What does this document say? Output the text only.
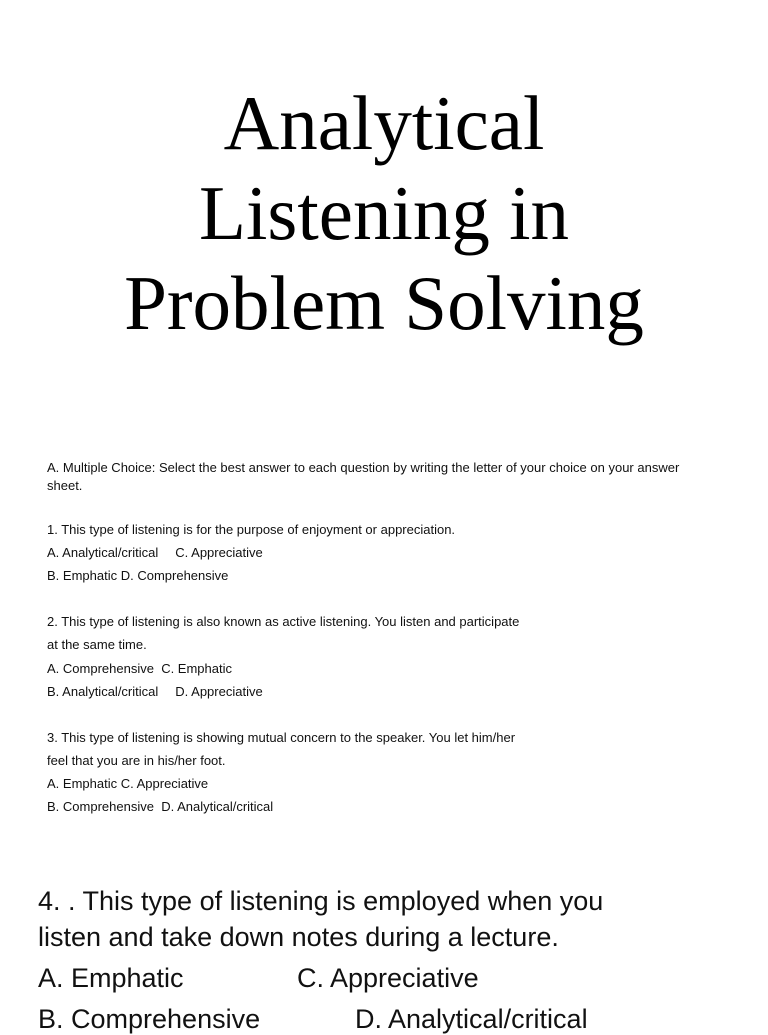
Analytical
Listening in
Problem Solving
A. Multiple Choice: Select the best answer to each question by writing the letter of your choice on your answer sheet.
1. This type of listening is for the purpose of enjoyment or appreciation.
A. Analytical/critical C. Appreciative
B. Emphatic D. Comprehensive
2. This type of listening is also known as active listening. You listen and participate
at the same time.
A. Comprehensive C. Emphatic
B. Analytical/critical D. Appreciative
3. This type of listening is showing mutual concern to the speaker. You let him/her
feel that you are in his/her foot.
A. Emphatic C. Appreciative
B. Comprehensive D. Analytical/critical
4. . This type of listening is employed when you
listen and take down notes during a lecture.
A. Emphatic	C. Appreciative
B. Comprehensive	D. Analytical/critical
